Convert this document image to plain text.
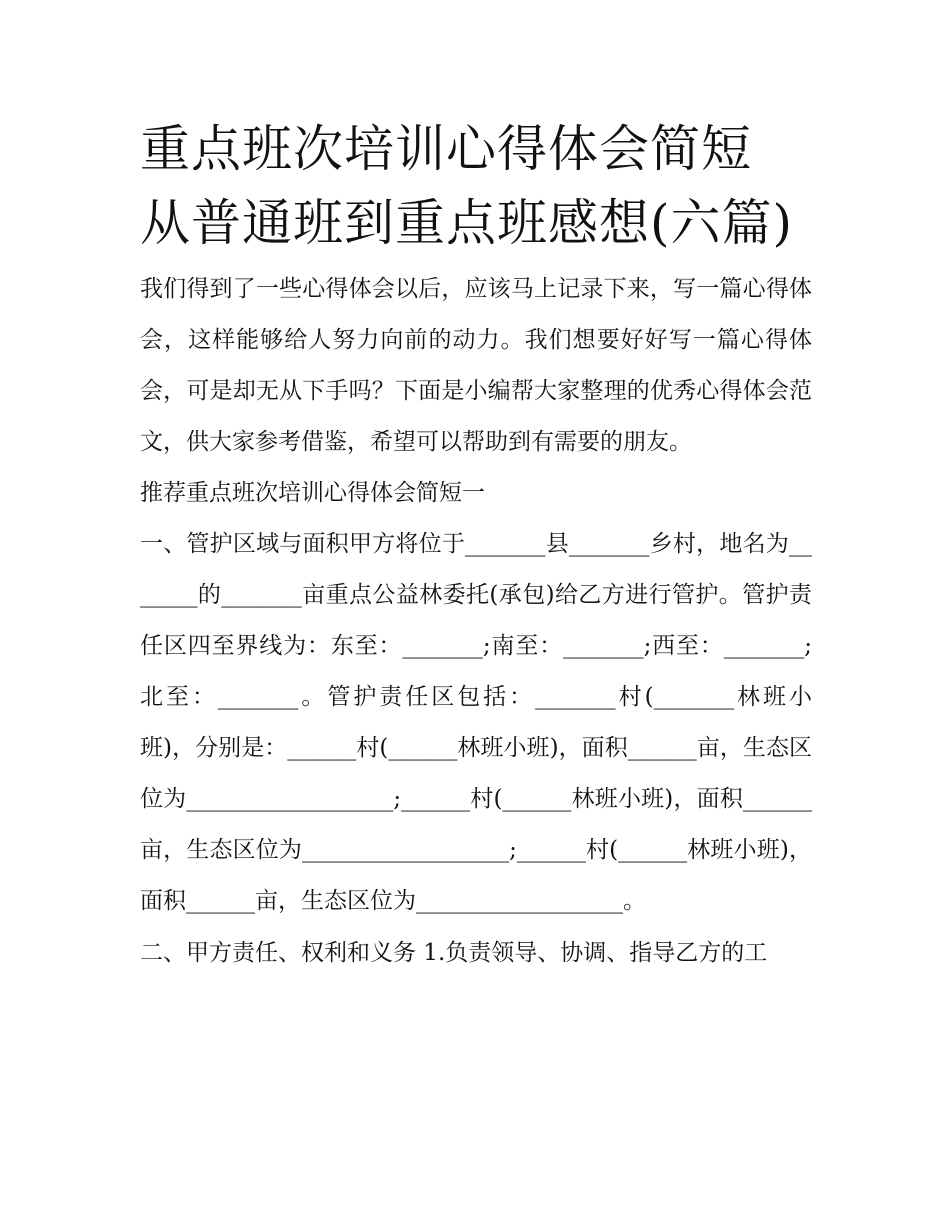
重点班次培训心得体会简短 从普通班到重点班感想(六篇)

我们得到了一些心得体会以后，应该马上记录下来，写一篇心得体会，这样能够给人努力向前的动力。我们想要好好写一篇心得体会，可是却无从下手吗？下面是小编帮大家整理的优秀心得体会范文，供大家参考借鉴，希望可以帮助到有需要的朋友。

推荐重点班次培训心得体会简短一

一、管护区域与面积甲方将位于_______县_______乡村，地名为_______的_______亩重点公益林委托(承包)给乙方进行管护。管护责任区四至界线为：东至：_______;南至：_______;西至：_______;北至：_______。管护责任区包括：_______村(_______林班小班)，分别是：______村(______林班小班)，面积______亩，生态区位为__________________;______村(______林班小班)，面积______亩，生态区位为__________________;______村(______林班小班)，面积______亩，生态区位为__________________。

二、甲方责任、权利和义务 1.负责领导、协调、指导乙方的工
